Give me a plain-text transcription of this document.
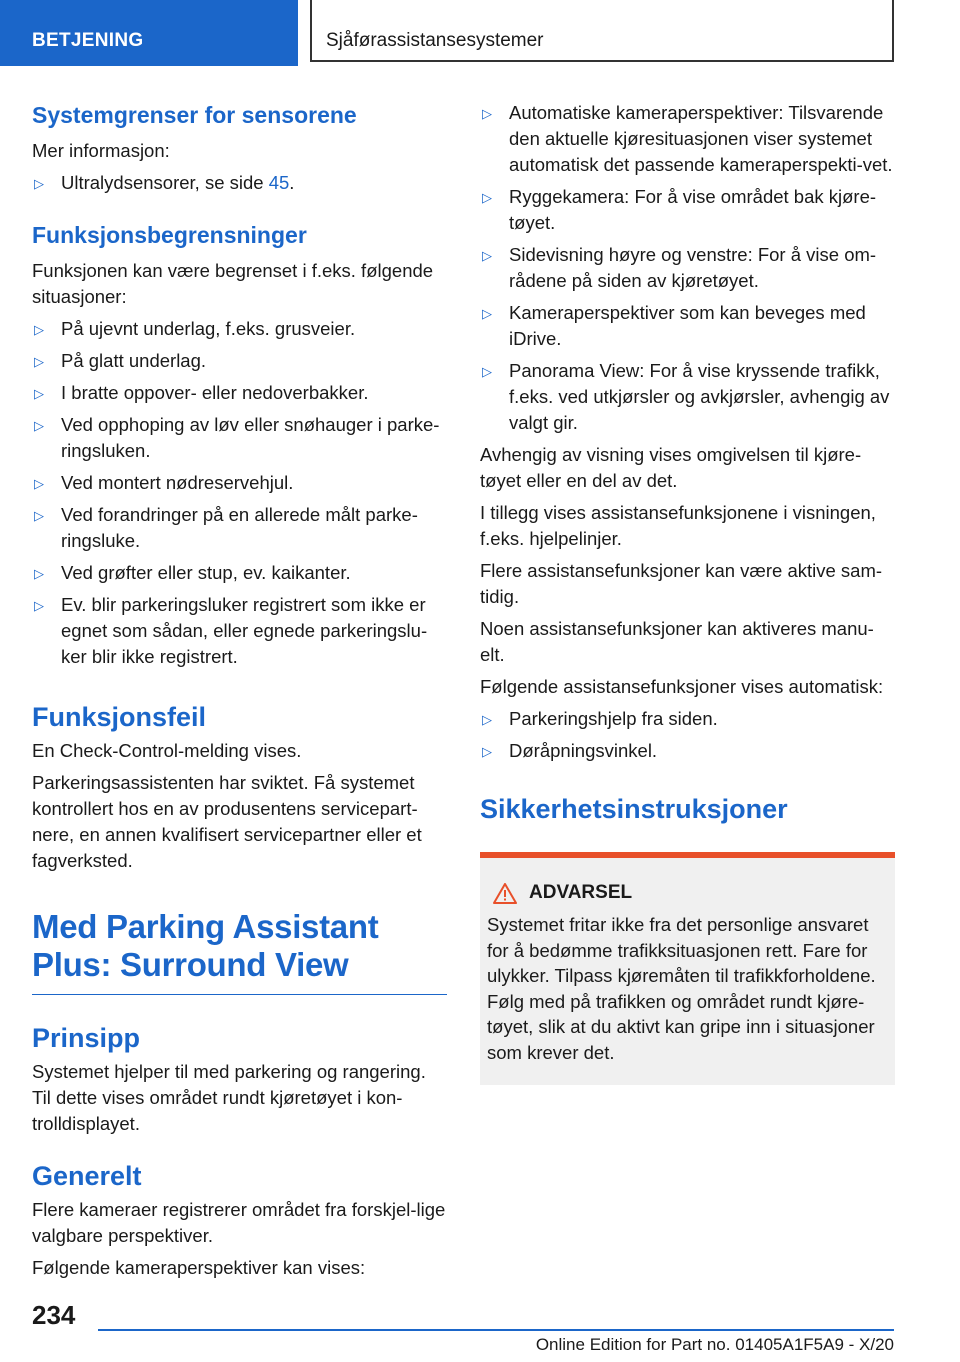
BETJENING	Sjåførassistansesystemer
Systemgrenser for sensorene

Mer informasjon:

▷ Ultralydsensorer, se side 45.
Funksjonsbegrensninger

Funksjonen kan være begrenset i f.eks. følgende situasjoner:

▷ På ujevnt underlag, f.eks. grusveier.
▷ På glatt underlag.
▷ I bratte oppover- eller nedoverbakker.
▷ Ved opphoping av løv eller snøhauger i parke-ringsluken.
▷ Ved montert nødreservehjul.
▷ Ved forandringer på en allerede målt parke-ringsluke.
▷ Ved grøfter eller stup, ev. kaikanter.
▷ Ev. blir parkeringsluker registrert som ikke er egnet som sådan, eller egnede parkeringslu-ker blir ikke registrert.
Funksjonsfeil

En Check-Control-melding vises.

Parkeringsassistenten har sviktet. Få systemet kontrollert hos en av produsentens servicepart-nere, en annen kvalifisert servicepartner eller et fagverksted.

Med Parking Assistant
Plus: Surround View
Prinsipp

Systemet hjelper til med parkering og rangering. Til dette vises området rundt kjøretøyet i kon-trolldisplayet.

Generelt

Flere kameraer registrerer området fra forskjel-lige valgbare perspektiver.

Følgende kameraperspektiver kan vises:

▷ Automatiske kameraperspektiver: Tilsvarende den aktuelle kjøresituasjonen viser systemet automatisk det passende kameraperspekti-vet.
▷ Ryggekamera: For å vise området bak kjøre-tøyet.
▷ Sidevisning høyre og venstre: For å vise om-rådene på siden av kjøretøyet.
▷ Kameraperspektiver som kan beveges med iDrive.
▷ Panorama View: For å vise kryssende trafikk, f.eks. ved utkjørsler og avkjørsler, avhengig av valgt gir.

Avhengig av visning vises omgivelsen til kjøre-tøyet eller en del av det.

I tillegg vises assistansefunksjonene i visningen, f.eks. hjelpelinjer.

Flere assistansefunksjoner kan være aktive sam-tidig.

Noen assistansefunksjoner kan aktiveres manu-elt.

Følgende assistansefunksjoner vises automatisk:

▷ Parkeringshjelp fra siden.
▷ Døråpningsvinkel.
Sikkerhetsinstruksjoner
ADVARSEL

Systemet fritar ikke fra det personlige ansvaret for å bedømme trafikksituasjonen rett. Fare for ulykker. Tilpass kjøremåten til trafikkforholdene. Følg med på trafikken og området rundt kjøre-tøyet, slik at du aktivt kan gripe inn i situasjoner som krever det.

234
Online Edition for Part no. 01405A1F5A9 - X/20
